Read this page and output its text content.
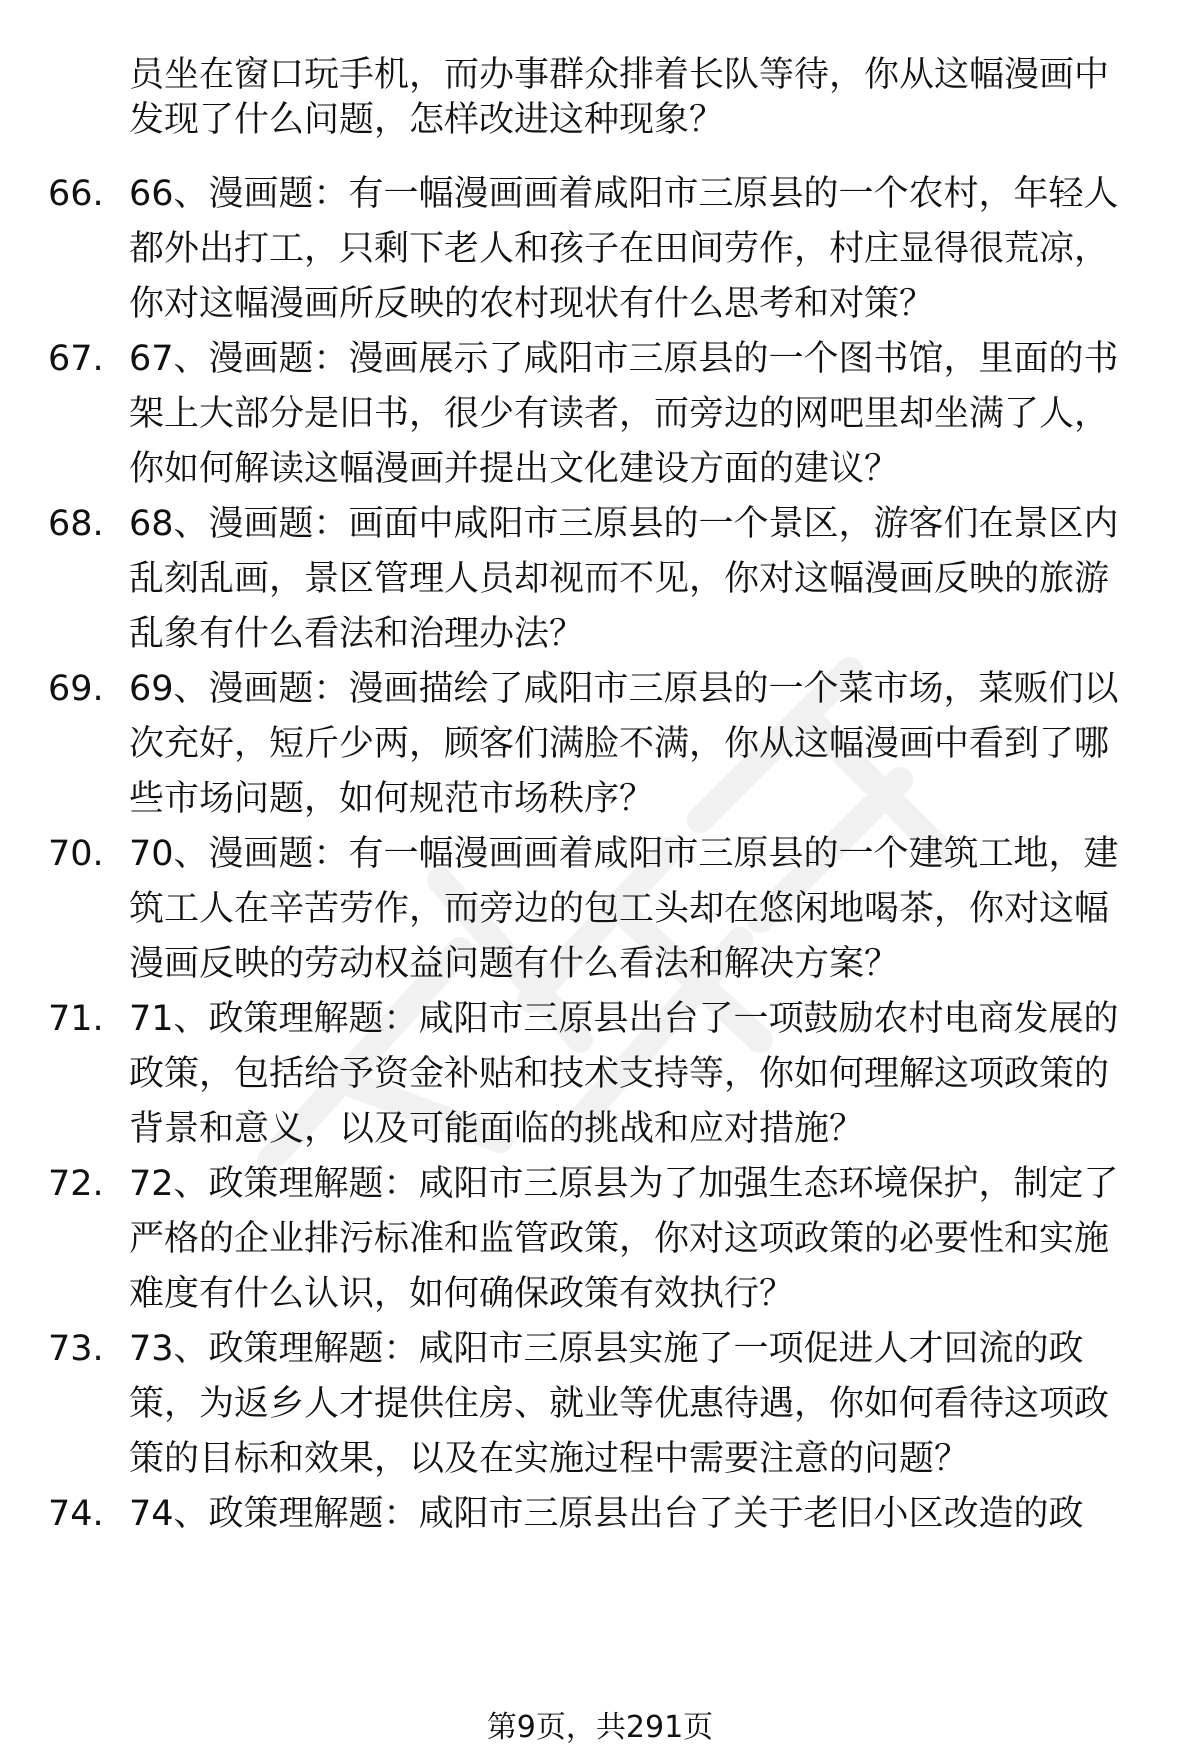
员坐在窗口玩手机，而办事群众排着长队等待，你从这幅漫画中
发现了什么问题，怎样改进这种现象？
66. 66、漫画题：有一幅漫画画着咸阳市三原县的一个农村，年轻人
都外出打工，只剩下老人和孩子在田间劳作，村庄显得很荒凉，
你对这幅漫画所反映的农村现状有什么思考和对策？
67. 67、漫画题：漫画展示了咸阳市三原县的一个图书馆，里面的书
架上大部分是旧书，很少有读者，而旁边的网吧里却坐满了人，
你如何解读这幅漫画并提出文化建设方面的建议？
68. 68、漫画题：画面中咸阳市三原县的一个景区，游客们在景区内
乱刻乱画，景区管理人员却视而不见，你对这幅漫画反映的旅游
乱象有什么看法和治理办法？
69. 69、漫画题：漫画描绘了咸阳市三原县的一个菜市场，菜贩们以
次充好，短斤少两，顾客们满脸不满，你从这幅漫画中看到了哪
些市场问题，如何规范市场秩序？
70. 70、漫画题：有一幅漫画画着咸阳市三原县的一个建筑工地，建
筑工人在辛苦劳作，而旁边的包工头却在悠闲地喝茶，你对这幅
漫画反映的劳动权益问题有什么看法和解决方案？
71. 71、政策理解题：咸阳市三原县出台了一项鼓励农村电商发展的
政策，包括给予资金补贴和技术支持等，你如何理解这项政策的
背景和意义，以及可能面临的挑战和应对措施？
72. 72、政策理解题：咸阳市三原县为了加强生态环境保护，制定了
严格的企业排污标准和监管政策，你对这项政策的必要性和实施
难度有什么认识，如何确保政策有效执行？
73. 73、政策理解题：咸阳市三原县实施了一项促进人才回流的政
策，为返乡人才提供住房、就业等优惠待遇，你如何看待这项政
策的目标和效果，以及在实施过程中需要注意的问题？
74. 74、政策理解题：咸阳市三原县出台了关于老旧小区改造的政
第9页，共291页
